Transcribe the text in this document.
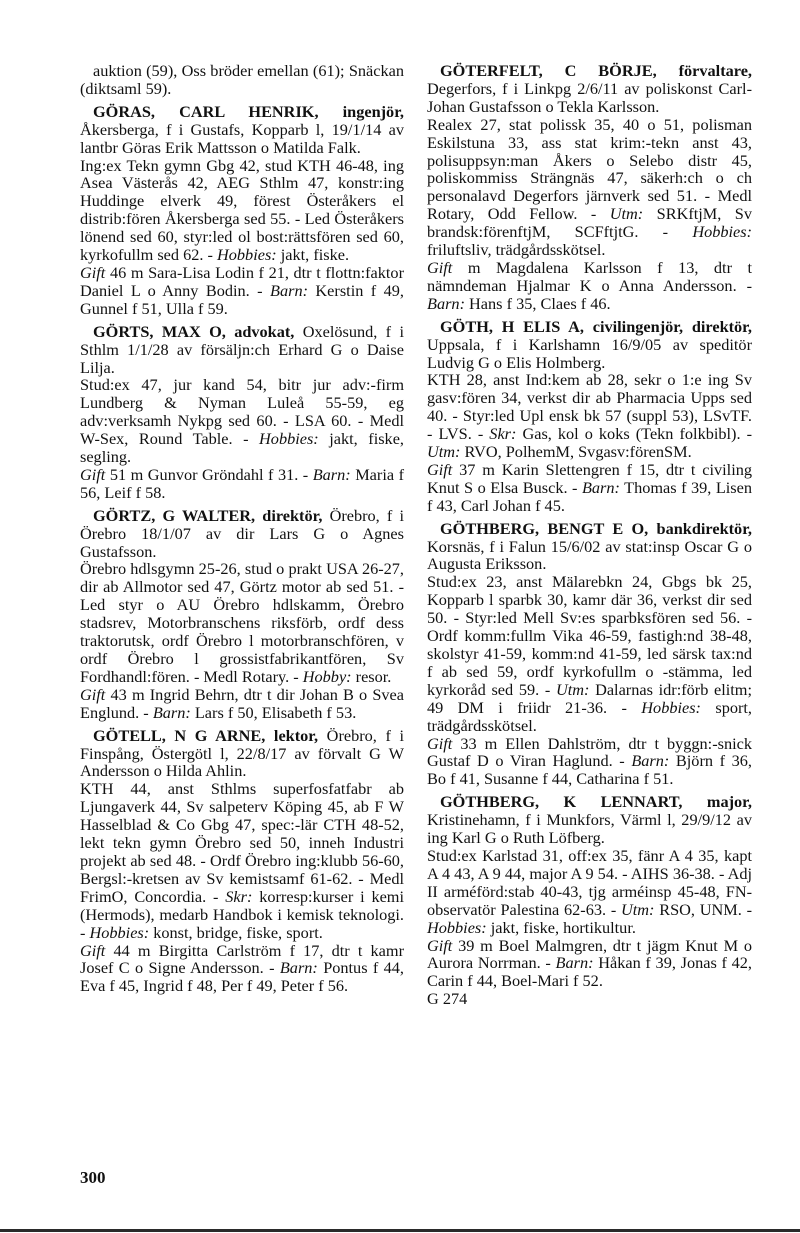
auktion (59), Oss bröder emellan (61); Snäckan (diktsaml 59).

GÖRAS, CARL HENRIK, ingenjör, Åkersberga, f i Gustafs, Kopparb l, 19/1/14 av lantbr Göras Erik Mattsson o Matilda Falk.

Ing:ex Tekn gymn Gbg 42, stud KTH 46-48, ing Asea Västerås 42, AEG Sthlm 47, konstr:ing Huddinge elverk 49, förest Österåkers el distrib:fören Åkersberga sed 55. - Led Österåkers lönend sed 60, styr:led ol bost:rättsfören sed 60, kyrkofullm sed 62. - Hobbies: jakt, fiske.

Gift 46 m Sara-Lisa Lodin f 21, dtr t flottn:faktor Daniel L o Anny Bodin. - Barn: Kerstin f 49, Gunnel f 51, Ulla f 59.

GÖRTS, MAX O, advokat, Oxelösund, f i Sthlm 1/1/28 av försäljn:ch Erhard G o Daise Lilja.

Stud:ex 47, jur kand 54, bitr jur adv:-firm Lundberg & Nyman Luleå 55-59, eg adv:verksamh Nykpg sed 60. - LSA 60. - Medl W-Sex, Round Table. - Hobbies: jakt, fiske, segling.

Gift 51 m Gunvor Gröndahl f 31. - Barn: Maria f 56, Leif f 58.

GÖRTZ, G WALTER, direktör, Örebro, f i Örebro 18/1/07 av dir Lars G o Agnes Gustafsson.

Örebro hdlsgymn 25-26, stud o prakt USA 26-27, dir ab Allmotor sed 47, Görtz motor ab sed 51. - Led styr o AU Örebro hdlskamm, Örebro stadsrev, Motorbranschens riksförb, ordf dess traktorutsk, ordf Örebro l motorbranschfören, v ordf Örebro l grossistfabrikantfören, Sv Fordhandl:fören. - Medl Rotary. - Hobby: resor.

Gift 43 m Ingrid Behrn, dtr t dir Johan B o Svea Englund. - Barn: Lars f 50, Elisabeth f 53.

GÖTELL, N G ARNE, lektor, Örebro, f i Finspång, Östergötl l, 22/8/17 av förvalt G W Andersson o Hilda Ahlin.

KTH 44, anst Sthlms superfosfatfabr ab Ljungaverk 44, Sv salpeterv Köping 45, ab F W Hasselblad & Co Gbg 47, spec:-lär CTH 48-52, lekt tekn gymn Örebro sed 50, inneh Industri projekt ab sed 48. - Ordf Örebro ing:klubb 56-60, Bergsl:-kretsen av Sv kemistsamf 61-62. - Medl FrimO, Concordia. - Skr: korresp:kurser i kemi (Hermods), medarb Handbok i kemisk teknologi. - Hobbies: konst, bridge, fiske, sport.

Gift 44 m Birgitta Carlström f 17, dtr t kamr Josef C o Signe Andersson. - Barn: Pontus f 44, Eva f 45, Ingrid f 48, Per f 49, Peter f 56.

GÖTERFELT, C BÖRJE, förvaltare, Degerfors, f i Linkpg 2/6/11 av poliskonst Carl-Johan Gustafsson o Tekla Karlsson.

Realex 27, stat polissk 35, 40 o 51, polisman Eskilstuna 33, ass stat krim:-tekn anst 43, polisuppsyn:man Åkers o Selebo distr 45, poliskommiss Strängnäs 47, säkerh:ch o ch personalavd Degerfors järnverk sed 51. - Medl Rotary, Odd Fellow. - Utm: SRKftjM, Sv brandsk:förenftjM, SCFftjtG. - Hobbies: friluftsliv, trädgårdsskötsel.

Gift m Magdalena Karlsson f 13, dtr t nämndeman Hjalmar K o Anna Andersson. - Barn: Hans f 35, Claes f 46.

GÖTH, H ELIS A, civilingenjör, direktör, Uppsala, f i Karlshamn 16/9/05 av speditör Ludvig G o Elis Holmberg.

KTH 28, anst Ind:kem ab 28, sekr o 1:e ing Sv gasv:fören 34, verkst dir ab Pharmacia Upps sed 40. - Styr:led Upl ensk bk 57 (suppl 53), LSvTF. - LVS. - Skr: Gas, kol o koks (Tekn folkbibl). - Utm: RVO, PolhemM, Svgasv:förenSM.

Gift 37 m Karin Slettengren f 15, dtr t civiling Knut S o Elsa Busck. - Barn: Thomas f 39, Lisen f 43, Carl Johan f 45.

GÖTHBERG, BENGT E O, bankdirektör, Korsnäs, f i Falun 15/6/02 av stat:insp Oscar G o Augusta Eriksson.

Stud:ex 23, anst Mälarebkn 24, Gbgs bk 25, Kopparb l sparbk 30, kamr där 36, verkst dir sed 50. - Styr:led Mell Sv:es sparbksfören sed 56. - Ordf komm:fullm Vika 46-59, fastigh:nd 38-48, skolstyr 41-59, komm:nd 41-59, led särsk tax:nd f ab sed 59, ordf kyrkofullm o -stämma, led kyrkoråd sed 59. - Utm: Dalarnas idr:förb elitm; 49 DM i friidr 21-36. - Hobbies: sport, trädgårdsskötsel.

Gift 33 m Ellen Dahlström, dtr t byggn:-snick Gustaf D o Viran Haglund. - Barn: Björn f 36, Bo f 41, Susanne f 44, Catharina f 51.

GÖTHBERG, K LENNART, major, Kristinehamn, f i Munkfors, Värml l, 29/9/12 av ing Karl G o Ruth Löfberg.

Stud:ex Karlstad 31, off:ex 35, fänr A 4 35, kapt A 4 43, A 9 44, major A 9 54. - AIHS 36-38. - Adj II arméförd:stab 40-43, tjg arméinsp 45-48, FN-observatör Palestina 62-63. - Utm: RSO, UNM. - Hobbies: jakt, fiske, hortikultur.

Gift 39 m Boel Malmgren, dtr t jägm Knut M o Aurora Norrman. - Barn: Håkan f 39, Jonas f 42, Carin f 44, Boel-Mari f 52.

G 274

300
